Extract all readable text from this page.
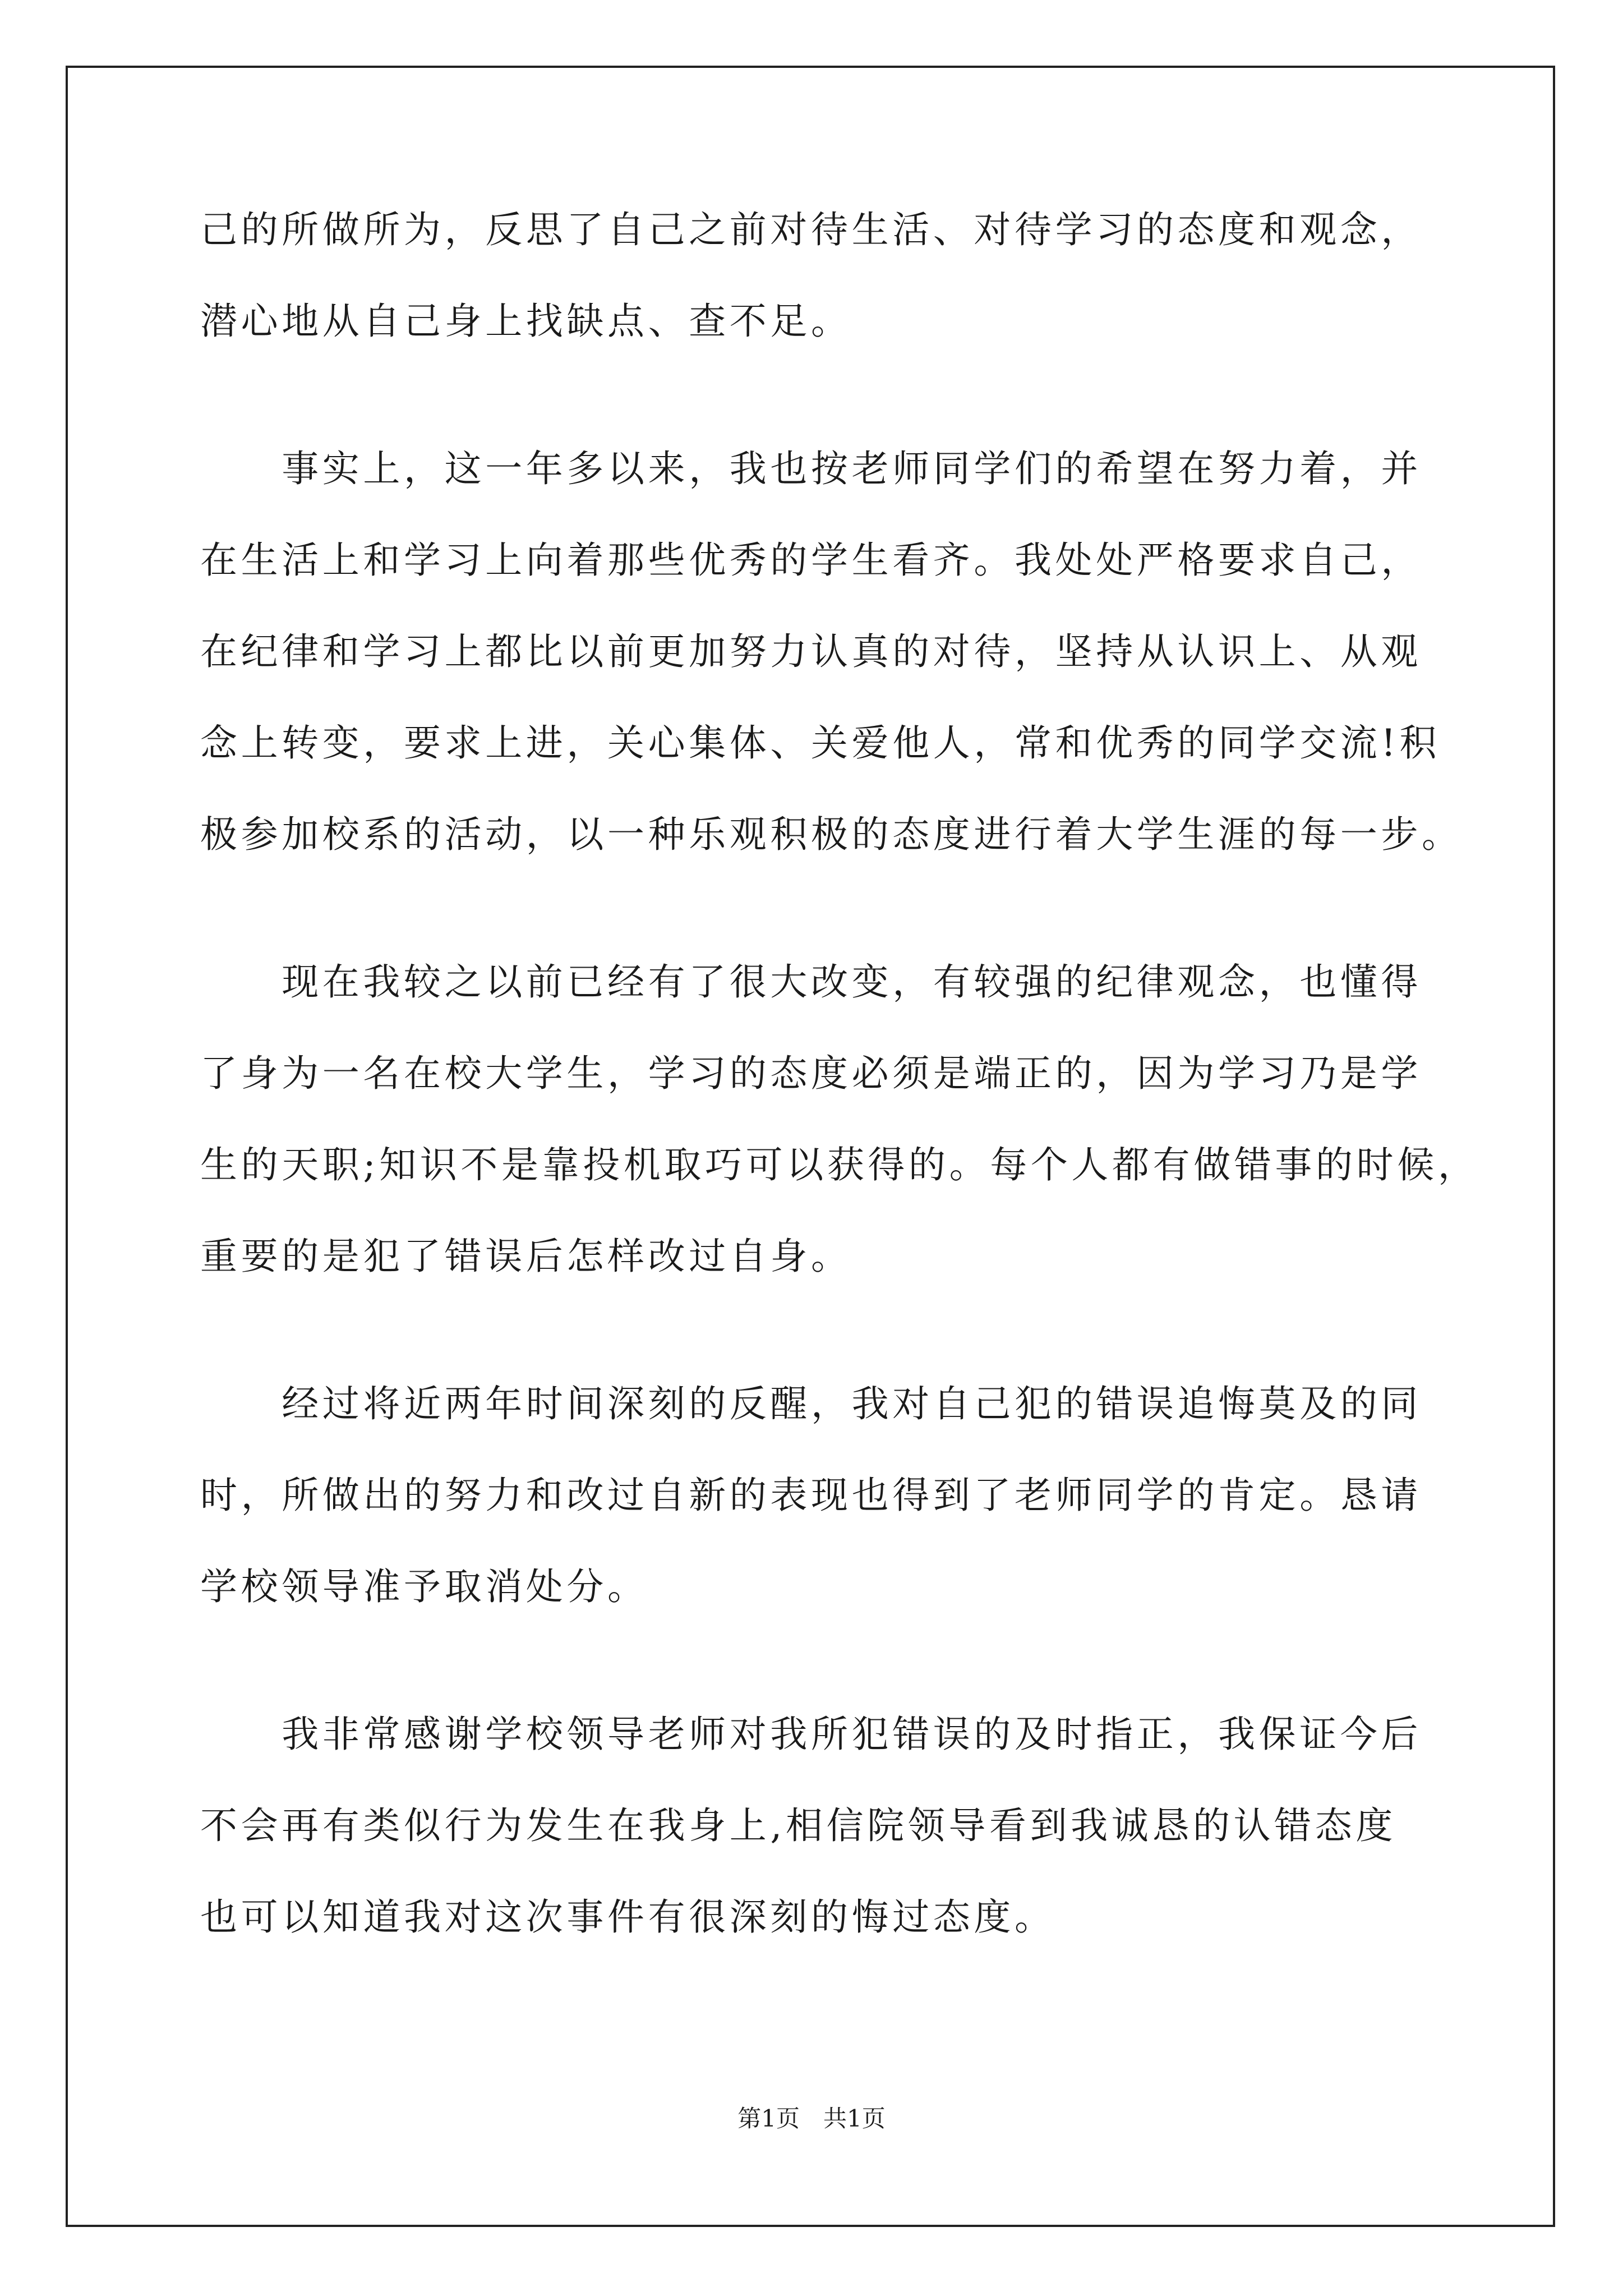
己的所做所为，反思了自己之前对待生活、对待学习的态度和观念，
潜心地从自己身上找缺点、查不足。
　　事实上，这一年多以来，我也按老师同学们的希望在努力着，并
在生活上和学习上向着那些优秀的学生看齐。我处处严格要求自己，
在纪律和学习上都比以前更加努力认真的对待，坚持从认识上、从观
念上转变，要求上进，关心集体、关爱他人，常和优秀的同学交流!积
极参加校系的活动，以一种乐观积极的态度进行着大学生涯的每一步。
　　现在我较之以前已经有了很大改变，有较强的纪律观念，也懂得
了身为一名在校大学生，学习的态度必须是端正的，因为学习乃是学
生的天职;知识不是靠投机取巧可以获得的。每个人都有做错事的时候，
重要的是犯了错误后怎样改过自身。
　　经过将近两年时间深刻的反醒，我对自己犯的错误追悔莫及的同
时，所做出的努力和改过自新的表现也得到了老师同学的肯定。恳请
学校领导准予取消处分。
　　我非常感谢学校领导老师对我所犯错误的及时指正，我保证今后
不会再有类似行为发生在我身上,相信院领导看到我诚恳的认错态度
也可以知道我对这次事件有很深刻的悔过态度。
第1页　共1页
